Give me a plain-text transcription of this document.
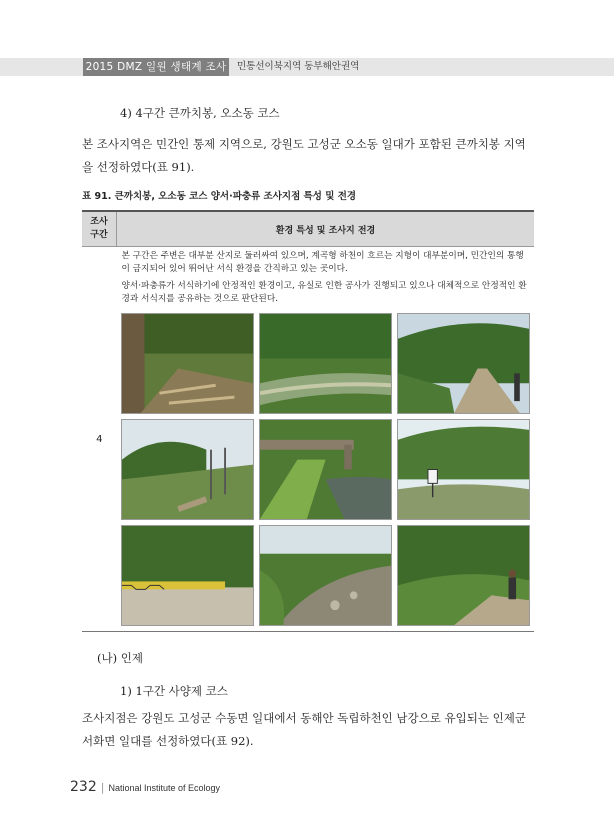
2015 DMZ 일원 생태계 조사 민통선이북지역 동부해안권역
4) 4구간 큰까치봉, 오소동 코스
본 조사지역은 민간인 통제 지역으로, 강원도 고성군 오소동 일대가 포함된 큰까치봉 지역을 선정하였다(표 91).
표 91. 큰까치봉, 오소동 코스 양서·파충류 조사지점 특성 및 전경
조사 구간	환경 특성 및 조사지 전경
4	본 구간은 주변은 대부분 산지로 둘러싸여 있으며, 계곡형 하천이 흐르는 지형이 대부분이며, 민간인의 통행이 금지되어 있어 뛰어난 서식 환경을 간직하고 있는 곳이다.

양서·파충류가 서식하기에 안정적인 환경이고, 유실로 인한 공사가 진행되고 있으나 대체적으로 안정적인 환경과 서식지를 공유하는 것으로 판단된다.

(나) 인제
1) 1구간 사양제 코스
조사지점은 강원도 고성군 수동면 일대에서 동해안 독립하천인 남강으로 유입되는 인제군 서화면 일대를 선정하였다(표 92).
232 | National Institute of Ecology
